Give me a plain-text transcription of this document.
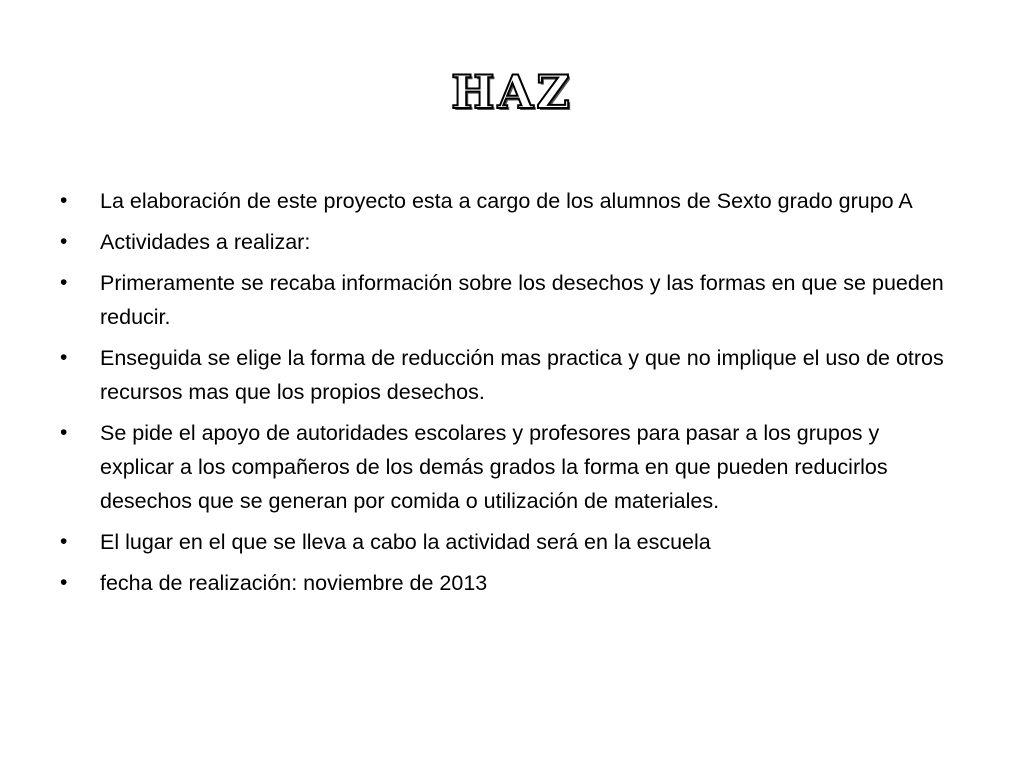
HAZ
•	La elaboración de este proyecto esta a cargo de los alumnos de Sexto grado grupo A
•	Actividades a realizar:
•	Primeramente se recaba información sobre los desechos y las formas en que se pueden reducir.
•	Enseguida se elige la forma de reducción mas practica y que no implique el uso de otros recursos mas que los propios desechos.
•	Se pide el apoyo de autoridades escolares y profesores para pasar a los grupos y explicar a los compañeros de los demás grados la forma en que pueden reducirlos desechos que se generan por comida o utilización de materiales.
•	El lugar en el que se lleva a cabo la actividad será en la escuela
•	fecha de realización: noviembre de 2013
